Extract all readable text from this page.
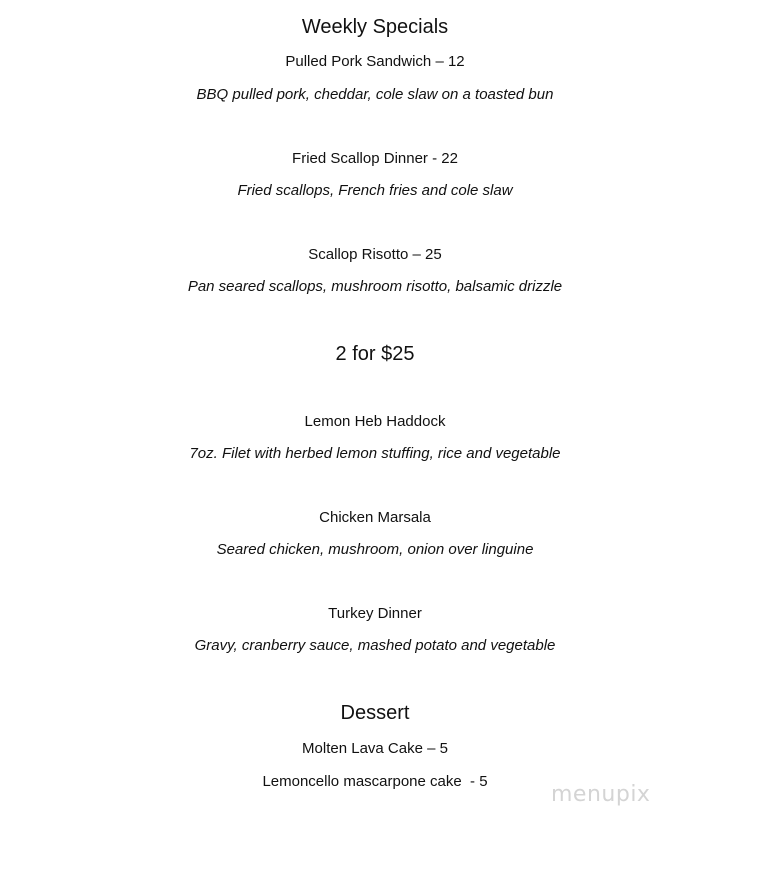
Weekly Specials
Pulled Pork Sandwich – 12
BBQ pulled pork, cheddar, cole slaw on a toasted bun
Fried Scallop Dinner - 22
Fried scallops, French fries and cole slaw
Scallop Risotto – 25
Pan seared scallops, mushroom risotto, balsamic drizzle
2 for $25
Lemon Heb Haddock
7oz. Filet with herbed lemon stuffing, rice and vegetable
Chicken Marsala
Seared chicken, mushroom, onion over linguine
Turkey Dinner
Gravy, cranberry sauce, mashed potato and vegetable
Dessert
Molten Lava Cake – 5
Lemoncello mascarpone cake  - 5
menupix
